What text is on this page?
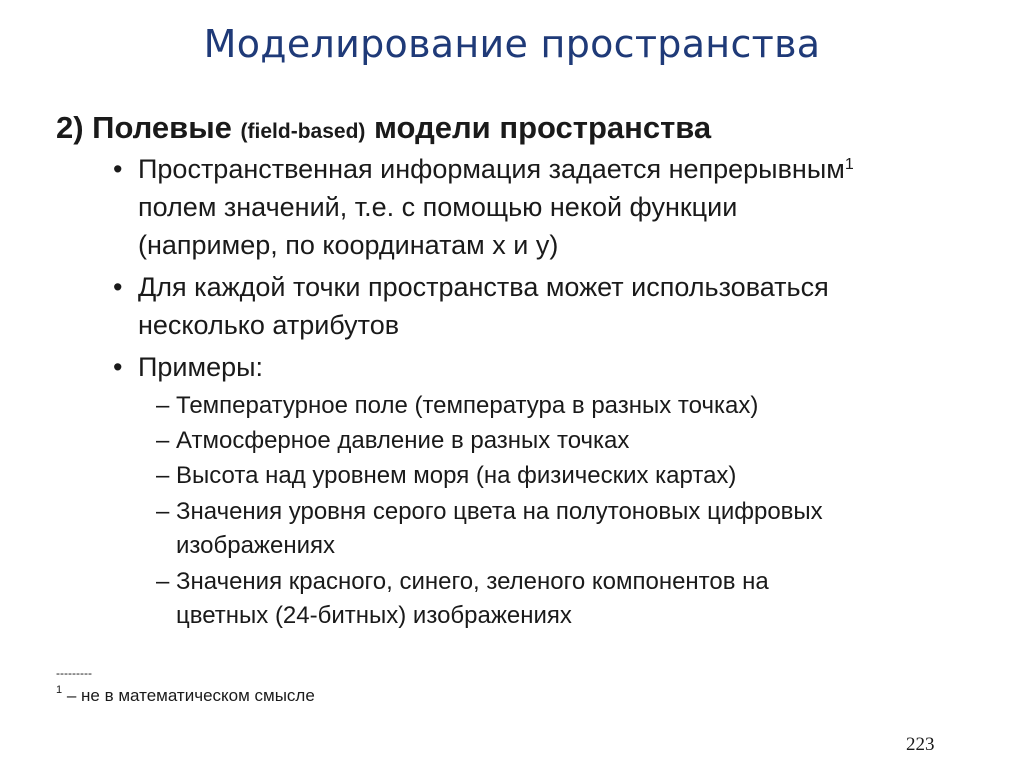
Моделирование пространства
2) Полевые (field-based) модели пространства
• Пространственная информация задается непрерывным$^1$
полем значений, т.е. с помощью некой функции
(например, по координатам x и y)
• Для каждой точки пространства может использоваться
несколько атрибутов
• Примеры:
– Температурное поле (температура в разных точках)
– Атмосферное давление в разных точках
– Высота над уровнем моря (на физических картах)
– Значения уровня серого цвета на полутоновых цифровых
изображениях
– Значения красного, синего, зеленого компонентов на
цветных (24-битных) изображениях
---------
$^1$ – не в математическом смысле
223
